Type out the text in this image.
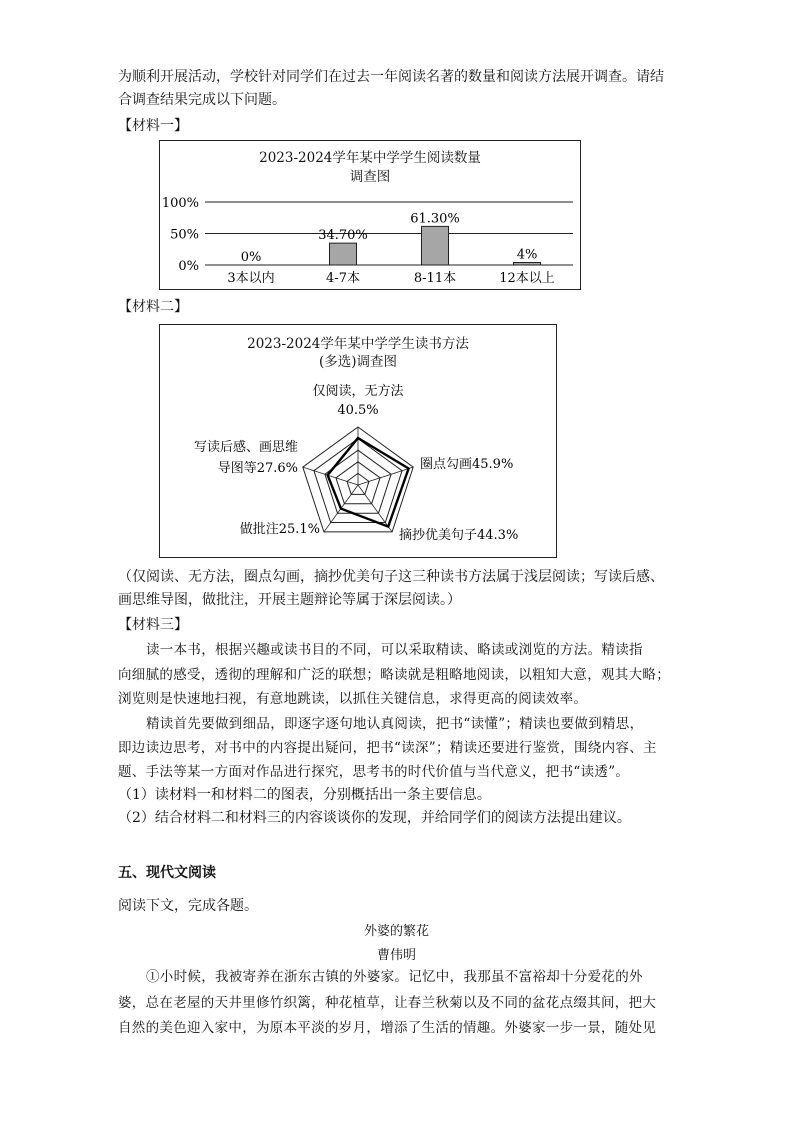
为顺利开展活动，学校针对同学们在过去一年阅读名著的数量和阅读方法展开调查。请结
合调查结果完成以下问题。
【材料一】
2023-2024学年某中学学生阅读数量
调查图
0%
50%
100%
0%
3本以内
34.70%
4-7本
61.30%
8-11本
4%
12本以上
【材料二】
2023-2024学年某中学学生读书方法
(多选)调查图
仅阅读，无方法
40.5%
圈点勾画45.9%
摘抄优美句子44.3%
做批注25.1%
写读后感、画思维
导图等27.6%
（仅阅读、无方法，圈点勾画，摘抄优美句子这三种读书方法属于浅层阅读；写读后感、
画思维导图，做批注，开展主题辩论等属于深层阅读。）
【材料三】
读一本书，根据兴趣或读书目的不同，可以采取精读、略读或浏览的方法。精读指
向细腻的感受，透彻的理解和广泛的联想；略读就是粗略地阅读，以粗知大意，观其大略；
浏览则是快速地扫视，有意地跳读，以抓住关键信息，求得更高的阅读效率。
精读首先要做到细品，即逐字逐句地认真阅读，把书“读懂”；精读也要做到精思，
即边读边思考，对书中的内容提出疑问，把书“读深”；精读还要进行鉴赏，围绕内容、主
题、手法等某一方面对作品进行探究，思考书的时代价值与当代意义，把书“读透”。
（1）读材料一和材料二的图表，分别概括出一条主要信息。
（2）结合材料二和材料三的内容谈谈你的发现，并给同学们的阅读方法提出建议。
五、现代文阅读
阅读下文，完成各题。
外婆的繁花
曹伟明
①小时候，我被寄养在浙东古镇的外婆家。记忆中，我那虽不富裕却十分爱花的外
婆，总在老屋的天井里修竹织篱，种花植草，让春兰秋菊以及不同的盆花点缀其间，把大
自然的美色迎入家中，为原本平淡的岁月，增添了生活的情趣。外婆家一步一景，随处见
